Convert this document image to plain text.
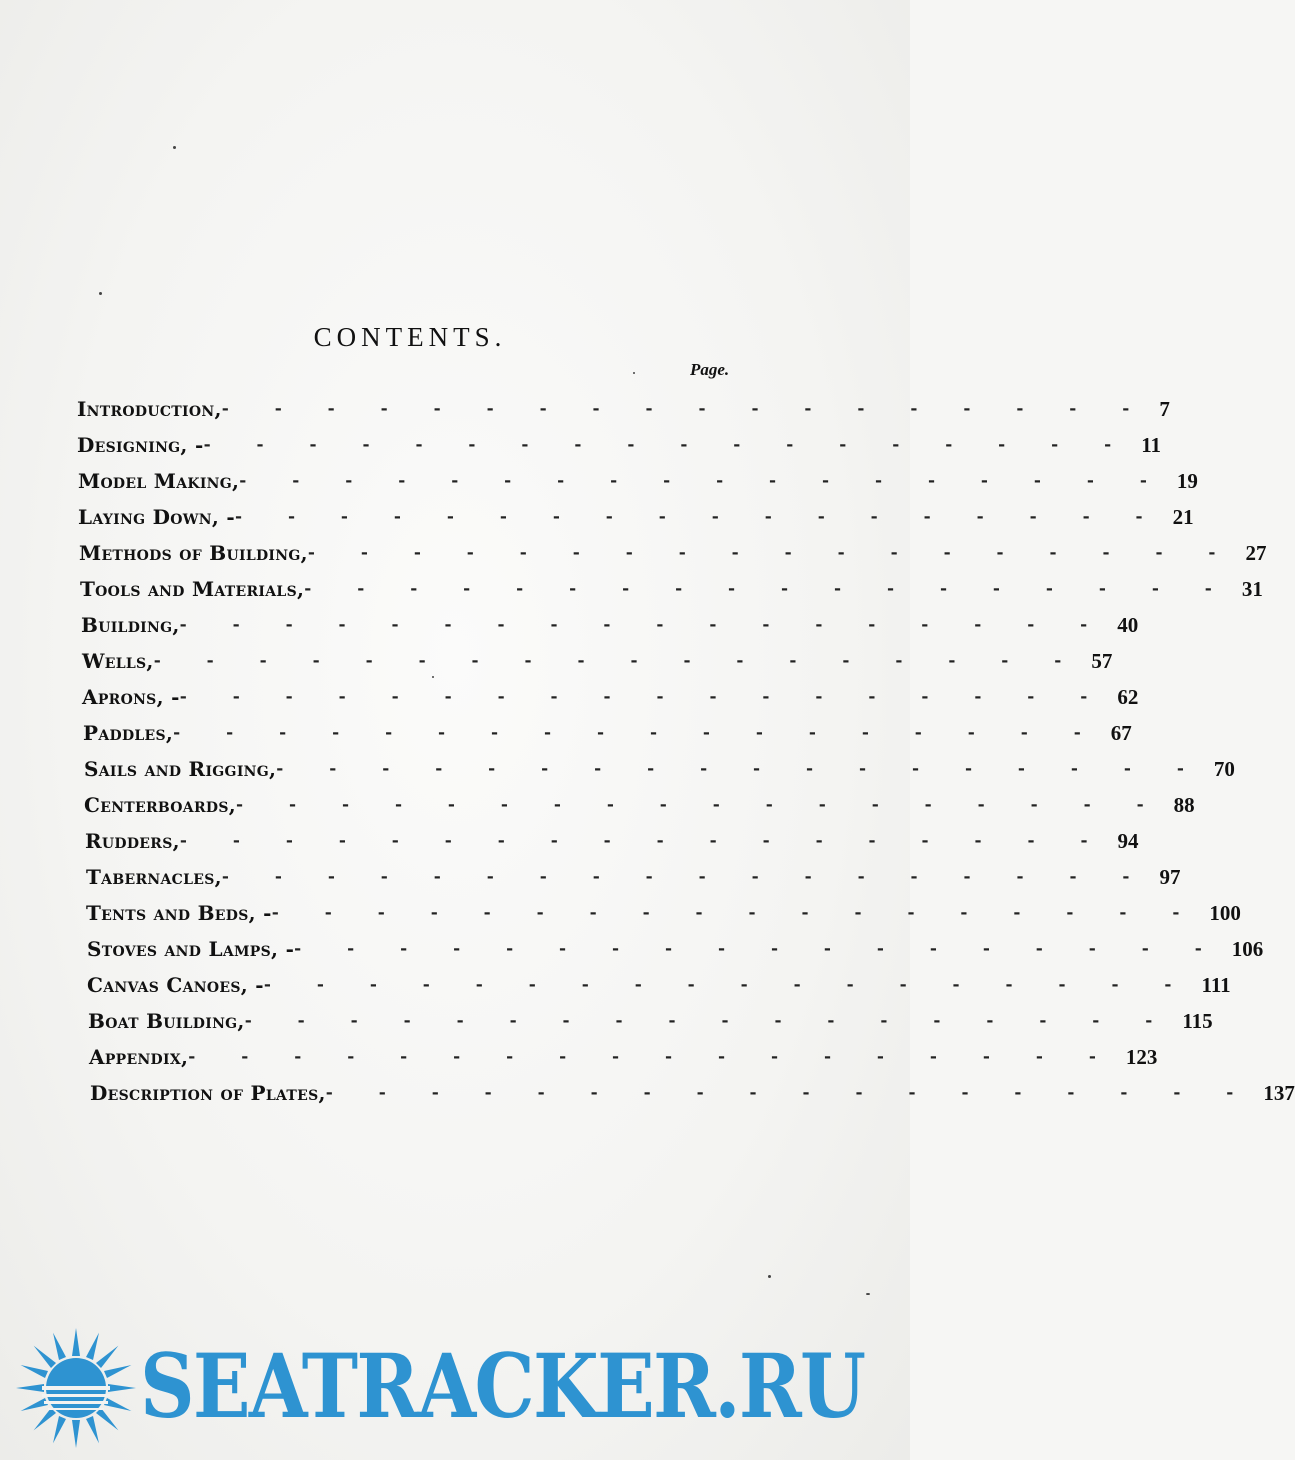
CONTENTS.
Page.
Introduction, - - - - - - - - - - - - - - - - - - 7
Designing, - - - - - - - - - - - - - - - - - - - 11
Model Making, - - - - - - - - - - - - - - - - - - 19
Laying Down, - - - - - - - - - - - - - - - - - - - 21
Methods of Building, - - - - - - - - - - - - - - - - - - 27
Tools and Materials, - - - - - - - - - - - - - - - - - - 31
Building, - - - - - - - - - - - - - - - - - - 40
Wells, - - - - - - - - - - - - - - - - - - 57
Aprons, - - - - - - - - - - - - - - - - - - - 62
Paddles, - - - - - - - - - - - - - - - - - - 67
Sails and Rigging, - - - - - - - - - - - - - - - - - - 70
Centerboards, - - - - - - - - - - - - - - - - - - 88
Rudders, - - - - - - - - - - - - - - - - - - 94
Tabernacles, - - - - - - - - - - - - - - - - - - 97
Tents and Beds, - - - - - - - - - - - - - - - - - - - 100
Stoves and Lamps, - - - - - - - - - - - - - - - - - - - 106
Canvas Canoes, - - - - - - - - - - - - - - - - - - - 111
Boat Building, - - - - - - - - - - - - - - - - - - 115
Appendix, - - - - - - - - - - - - - - - - - - 123
Description of Plates, - - - - - - - - - - - - - - - - - - 137
SEATRACKER.RU
